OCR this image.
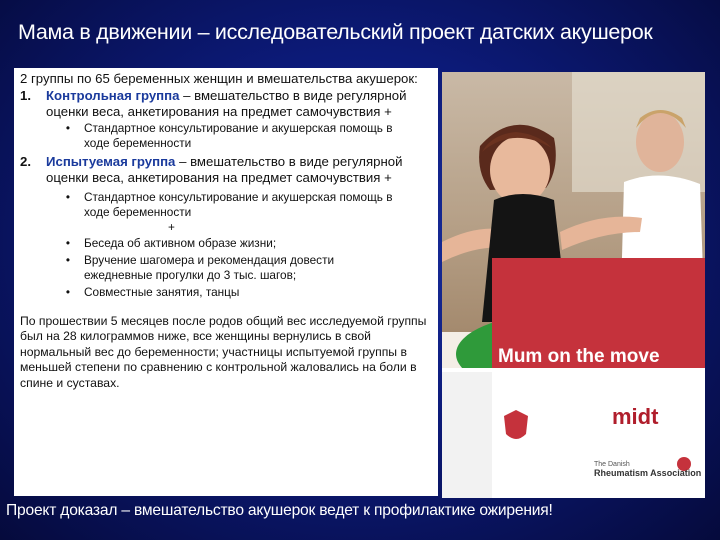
Мама в движении – исследовательский проект датских акушерок

2 группы по 65 беременных женщин и вмешательства акушерок:

1.	Контрольная группа – вмешательство в виде регулярной оценки веса, анкетирования на предмет самочувствия +
•	Стандартное консультирование и акушерская помощь в ходе беременности
2.	Испытуемая группа – вмешательство в виде регулярной оценки веса, анкетирования на предмет самочувствия +
•	Стандартное консультирование и акушерская помощь в ходе беременности
+
•	Беседа об активном образе жизни;
•	Вручение шагомера и рекомендация довести ежедневные прогулки до 3 тыс. шагов;
•	Совместные занятия, танцы

По прошествии 5 месяцев после родов общий вес исследуемой группы был на 28 килограммов ниже, все женщины вернулись в свой нормальный вес до беременности; участницы испытуемой группы в меньшей степени по сравнению с контрольной жаловались на боли в спине и суставах.

Mum on the move
Physical activity during and
after pregnancy
midt
The Danish
Rheumatism Association
Проект доказал – вмешательство акушерок ведет к профилактике ожирения!
